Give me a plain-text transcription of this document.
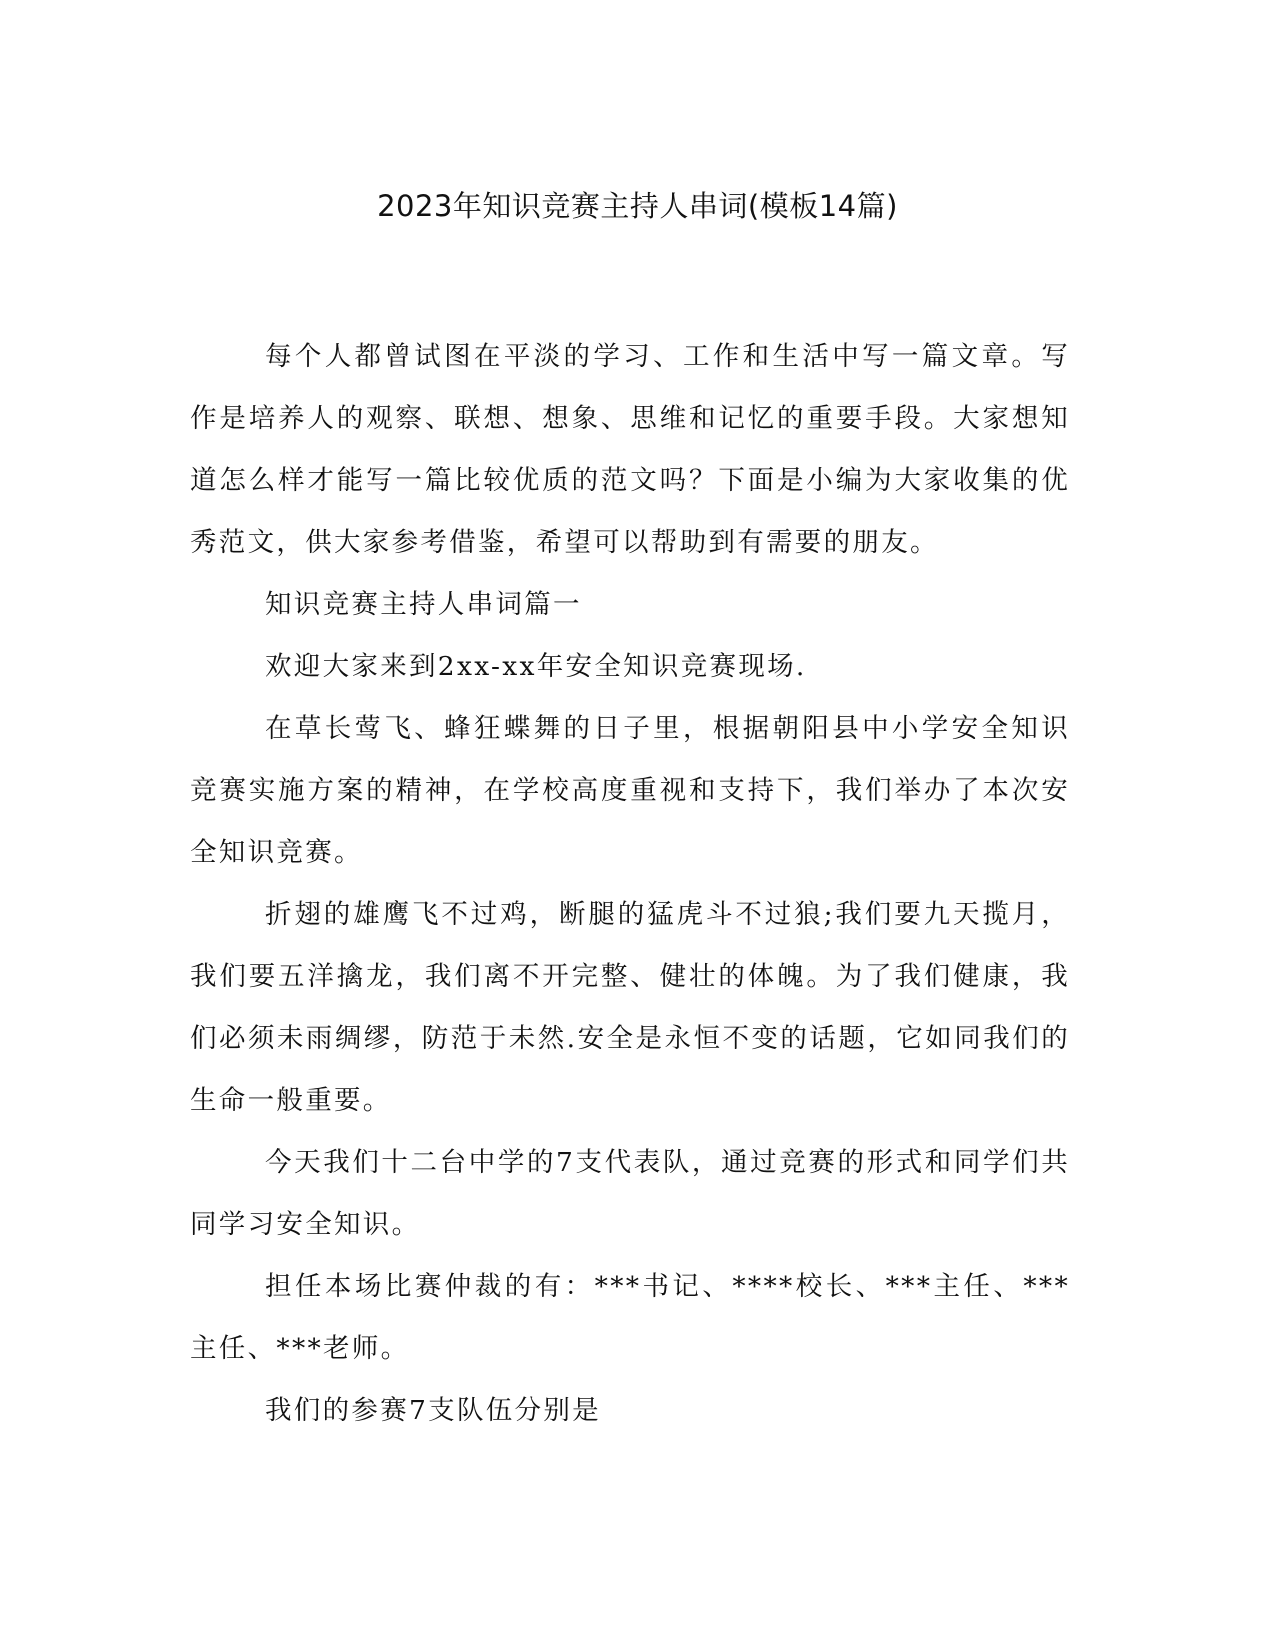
2023年知识竞赛主持人串词(模板14篇)

每个人都曾试图在平淡的学习、工作和生活中写一篇文章。写作是培养人的观察、联想、想象、思维和记忆的重要手段。大家想知道怎么样才能写一篇比较优质的范文吗？下面是小编为大家收集的优秀范文，供大家参考借鉴，希望可以帮助到有需要的朋友。

知识竞赛主持人串词篇一

欢迎大家来到2xx-xx年安全知识竞赛现场.

在草长莺飞、蜂狂蝶舞的日子里，根据朝阳县中小学安全知识竞赛实施方案的精神，在学校高度重视和支持下，我们举办了本次安全知识竞赛。

折翅的雄鹰飞不过鸡，断腿的猛虎斗不过狼;我们要九天揽月，我们要五洋擒龙，我们离不开完整、健壮的体魄。为了我们健康，我们必须未雨绸缪，防范于未然.安全是永恒不变的话题，它如同我们的生命一般重要。

今天我们十二台中学的7支代表队，通过竞赛的形式和同学们共同学习安全知识。

担任本场比赛仲裁的有：***书记、****校长、***主任、***主任、***老师。

我们的参赛7支队伍分别是
